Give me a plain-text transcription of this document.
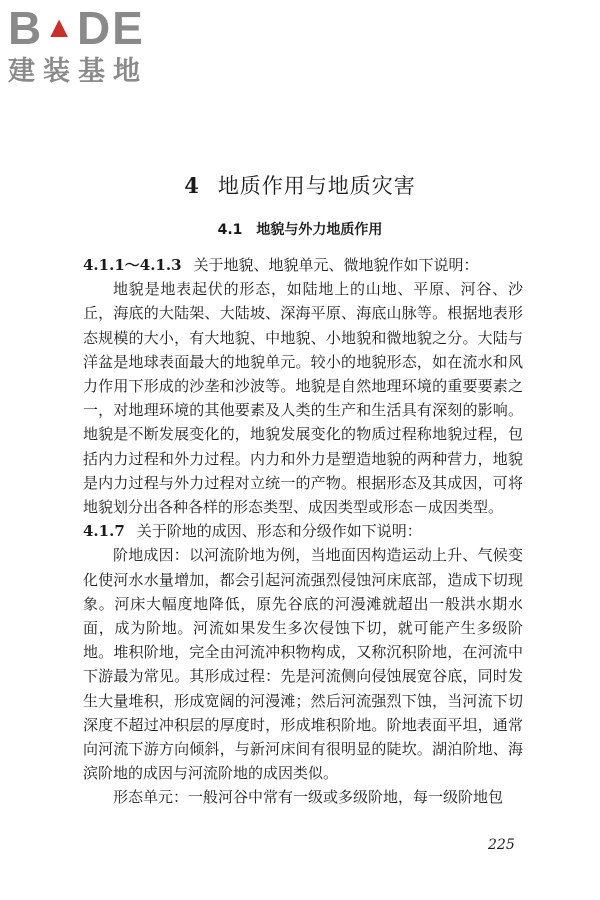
B ▲ DE
建装基地
4 地质作用与地质灾害
4.1 地貌与外力地质作用

4.1.1～4.1.3 关于地貌、地貌单元、微地貌作如下说明：

地貌是地表起伏的形态，如陆地上的山地、平原、河谷、沙丘，海底的大陆架、大陆坡、深海平原、海底山脉等。根据地表形态规模的大小，有大地貌、中地貌、小地貌和微地貌之分。大陆与洋盆是地球表面最大的地貌单元。较小的地貌形态，如在流水和风力作用下形成的沙垄和沙波等。地貌是自然地理环境的重要要素之一，对地理环境的其他要素及人类的生产和生活具有深刻的影响。地貌是不断发展变化的，地貌发展变化的物质过程称地貌过程，包括内力过程和外力过程。内力和外力是塑造地貌的两种营力，地貌是内力过程与外力过程对立统一的产物。根据形态及其成因，可将地貌划分出各种各样的形态类型、成因类型或形态－成因类型。

4.1.7 关于阶地的成因、形态和分级作如下说明：

阶地成因：以河流阶地为例，当地面因构造运动上升、气候变化使河水水量增加，都会引起河流强烈侵蚀河床底部，造成下切现象。河床大幅度地降低，原先谷底的河漫滩就超出一般洪水期水面，成为阶地。河流如果发生多次侵蚀下切，就可能产生多级阶地。堆积阶地，完全由河流冲积物构成，又称沉积阶地，在河流中下游最为常见。其形成过程：先是河流侧向侵蚀展宽谷底，同时发生大量堆积，形成宽阔的河漫滩；然后河流强烈下蚀，当河流下切深度不超过冲积层的厚度时，形成堆积阶地。阶地表面平坦，通常向河流下游方向倾斜，与新河床间有很明显的陡坎。湖泊阶地、海滨阶地的成因与河流阶地的成因类似。

形态单元：一般河谷中常有一级或多级阶地，每一级阶地包

225
